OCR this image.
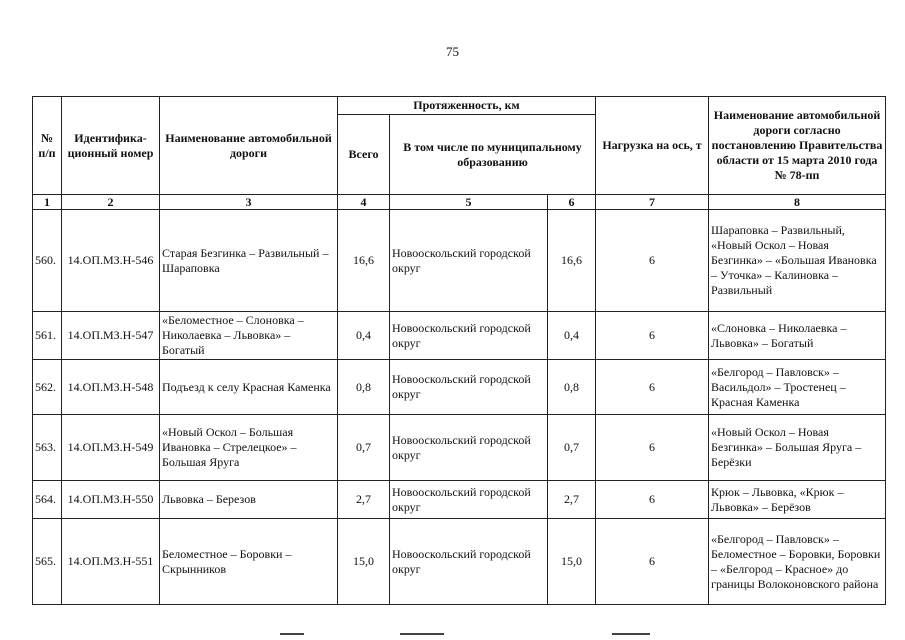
75
№ п/п	Идентифика-ционный номер	Наименование автомобильной дороги	Протяженность, км			Нагрузка на ось, т	Наименование автомобильной дороги согласно постановлению Правительства области от 15 марта 2010 года № 78-пп
			Всего	В том числе по муниципальному образованию			
1	2	3	4	5	6	7	8
560.	14.ОП.МЗ.Н-546	Старая Безгинка – Развильный – Шараповка	16,6	Новооскольский городской округ	16,6	6	Шараповка – Развильный, «Новый Оскол – Новая Безгинка» – «Большая Ивановка – Уточка» – Калиновка – Развильный
561.	14.ОП.МЗ.Н-547	«Беломестное – Слоновка – Николаевка – Львовка» – Богатый	0,4	Новооскольский городской округ	0,4	6	«Слоновка – Николаевка – Львовка» – Богатый
562.	14.ОП.МЗ.Н-548	Подъезд к селу Красная Каменка	0,8	Новооскольский городской округ	0,8	6	«Белгород – Павловск» – Васильдол» – Тростенец – Красная Каменка
563.	14.ОП.МЗ.Н-549	«Новый Оскол – Большая Ивановка – Стрелецкое» – Большая Яруга	0,7	Новооскольский городской округ	0,7	6	«Новый Оскол – Новая Безгинка» – Большая Яруга – Берёзки
564.	14.ОП.МЗ.Н-550	Львовка – Березов	2,7	Новооскольский городской округ	2,7	6	Крюк – Львовка, «Крюк – Львовка» – Берёзов
565.	14.ОП.МЗ.Н-551	Беломестное – Боровки – Скрынников	15,0	Новооскольский городской округ	15,0	6	«Белгород – Павловск» – Беломестное – Боровки, Боровки – «Белгород – Красное» до границы Волоконовского района
